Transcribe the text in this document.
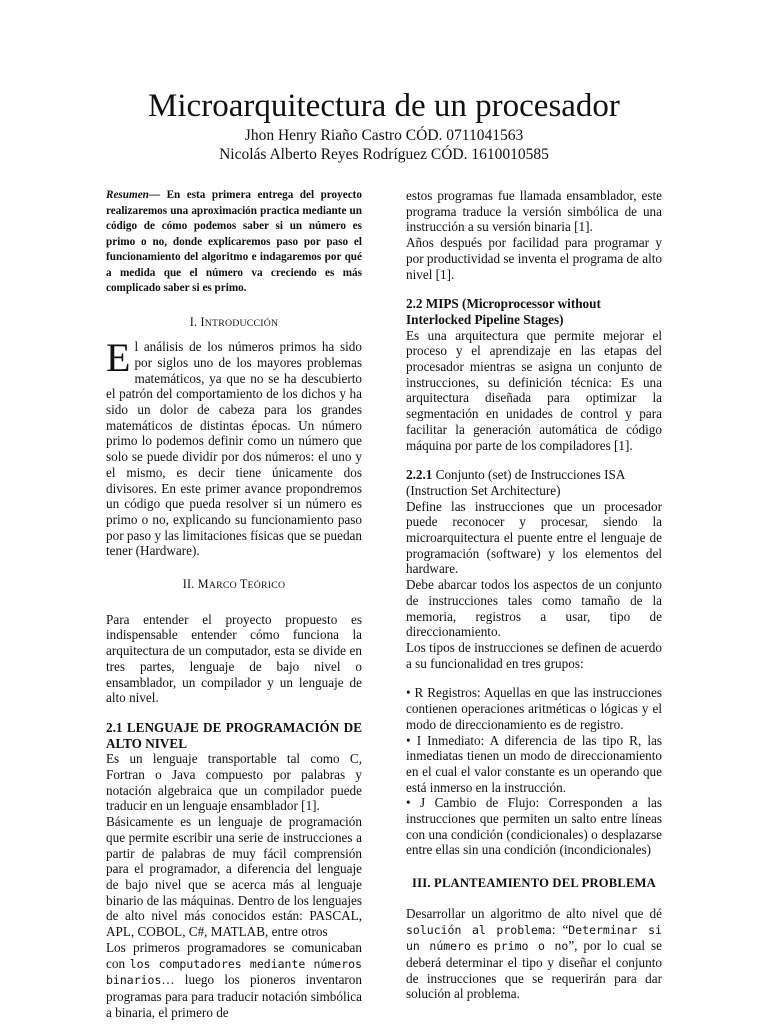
Microarquitectura de un procesador
Jhon Henry Riaño Castro CÓD. 0711041563
Nicolás Alberto Reyes Rodríguez CÓD. 1610010585

Resumen— En esta primera entrega del proyecto realizaremos una aproximación practica mediante un código de cómo podemos saber si un número es primo o no, donde explicaremos paso por paso el funcionamiento del algoritmo e indagaremos por qué a medida que el número va creciendo es más complicado saber si es primo.

I. INTRODUCCIÓN

El análisis de los números primos ha sido por siglos uno de los mayores problemas matemáticos, ya que no se ha descubierto el patrón del comportamiento de los dichos y ha sido un dolor de cabeza para los grandes matemáticos de distintas épocas. Un número primo lo podemos definir como un número que solo se puede dividir por dos números: el uno y el mismo, es decir tiene únicamente dos divisores. En este primer avance propondremos un código que pueda resolver si un número es primo o no, explicando su funcionamiento paso por paso y las limitaciones físicas que se puedan tener (Hardware).

II. MARCO TEÓRICO

Para entender el proyecto propuesto es indispensable entender cómo funciona la arquitectura de un computador, esta se divide en tres partes, lenguaje de bajo nivel o ensamblador, un compilador y un lenguaje de alto nivel.

2.1 LENGUAJE DE PROGRAMACIÓN DE ALTO NIVEL

Es un lenguaje transportable tal como C, Fortran o Java compuesto por palabras y notación algebraica que un compilador puede traducir en un lenguaje ensamblador [1].

Básicamente es un lenguaje de programación que permite escribir una serie de instrucciones a partir de palabras de muy fácil comprensión para el programador, a diferencia del lenguaje de bajo nivel que se acerca más al lenguaje binario de las máquinas. Dentro de los lenguajes de alto nivel más conocidos están: PASCAL, APL, COBOL, C#, MATLAB, entre otros

Los primeros programadores se comunicaban con los computadores mediante números binarios… luego los pioneros inventaron programas para para traducir notación simbólica a binaria, el primero de

estos programas fue llamada ensamblador, este programa traduce la versión simbólica de una instrucción a su versión binaria [1].

Años después por facilidad para programar y por productividad se inventa el programa de alto nivel [1].

2.2 MIPS (Microprocessor without Interlocked Pipeline Stages)

Es una arquitectura que permite mejorar el proceso y el aprendizaje en las etapas del procesador mientras se asigna un conjunto de instrucciones, su definición técnica: Es una arquitectura diseñada para optimizar la segmentación en unidades de control y para facilitar la generación automática de código máquina por parte de los compiladores [1].

2.2.1 Conjunto (set) de Instrucciones ISA (Instruction Set Architecture)

Define las instrucciones que un procesador puede reconocer y procesar, siendo la microarquitectura el puente entre el lenguaje de programación (software) y los elementos del hardware.

Debe abarcar todos los aspectos de un conjunto de instrucciones tales como tamaño de la memoria, registros a usar, tipo de direccionamiento.

Los tipos de instrucciones se definen de acuerdo a su funcionalidad en tres grupos:

• R Registros: Aquellas en que las instrucciones contienen operaciones aritméticas o lógicas y el modo de direccionamiento es de registro.

• I Inmediato: A diferencia de las tipo R, las inmediatas tienen un modo de direccionamiento en el cual el valor constante es un operando que está inmerso en la instrucción.

• J Cambio de Flujo: Corresponden a las instrucciones que permiten un salto entre líneas con una condición (condicionales) o desplazarse entre ellas sin una condición (incondicionales)

III. PLANTEAMIENTO DEL PROBLEMA

Desarrollar un algoritmo de alto nivel que dé solución al problema: “Determinar si un número es primo o no”, por lo cual se deberá determinar el tipo y diseñar el conjunto de instrucciones que se requerirán para dar solución al problema.
